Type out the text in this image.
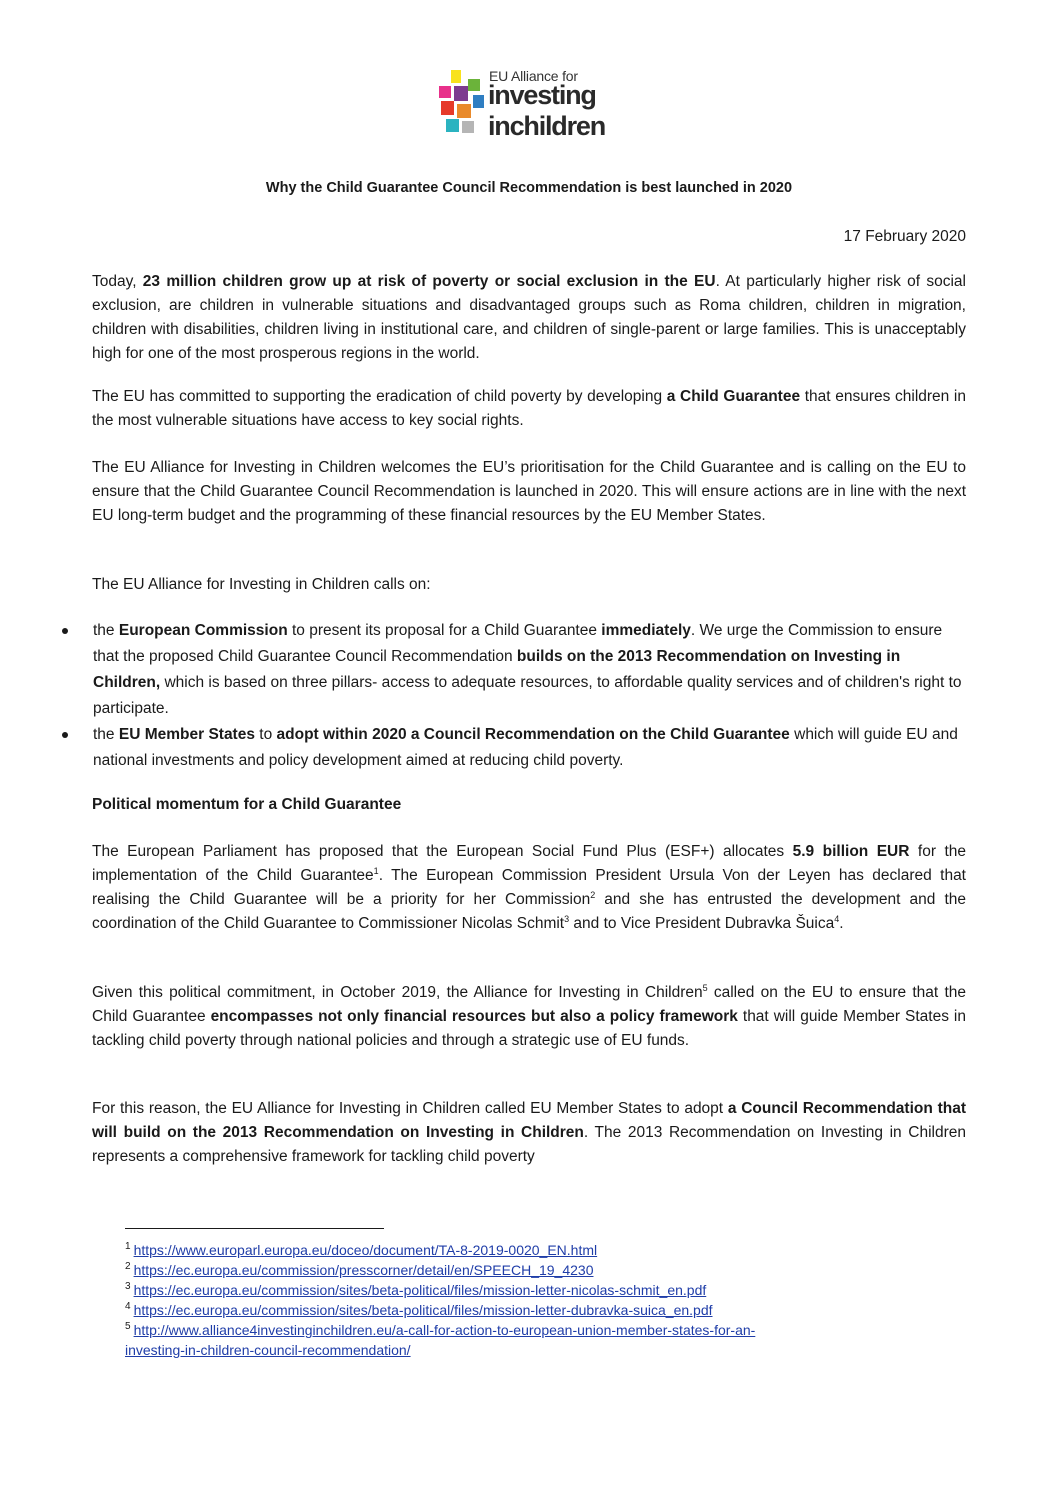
EU Alliance for
investing
inchildren
Why the Child Guarantee Council Recommendation is best launched in 2020
17 February 2020

Today, 23 million children grow up at risk of poverty or social exclusion in the EU. At particularly higher risk of social exclusion, are children in vulnerable situations and disadvantaged groups such as Roma children, children in migration, children with disabilities, children living in institutional care, and children of single-parent or large families. This is unacceptably high for one of the most prosperous regions in the world.

The EU has committed to supporting the eradication of child poverty by developing a Child Guarantee that ensures children in the most vulnerable situations have access to key social rights.

The EU Alliance for Investing in Children welcomes the EU’s prioritisation for the Child Guarantee and is calling on the EU to ensure that the Child Guarantee Council Recommendation is launched in 2020. This will ensure actions are in line with the next EU long-term budget and the programming of these financial resources by the EU Member States.

The EU Alliance for Investing in Children calls on:

the European Commission to present its proposal for a Child Guarantee immediately. We urge the Commission to ensure that the proposed Child Guarantee Council Recommendation builds on the 2013 Recommendation on Investing in Children, which is based on three pillars- access to adequate resources, to affordable quality services and of children's right to participate.
the EU Member States to adopt within 2020 a Council Recommendation on the Child Guarantee which will guide EU and national investments and policy development aimed at reducing child poverty.
Political momentum for a Child Guarantee

The European Parliament has proposed that the European Social Fund Plus (ESF+) allocates 5.9 billion EUR for the implementation of the Child Guarantee$^1$. The European Commission President Ursula Von der Leyen has declared that realising the Child Guarantee will be a priority for her Commission$^2$ and she has entrusted the development and the coordination of the Child Guarantee to Commissioner Nicolas Schmit$^3$ and to Vice President Dubravka Šuica$^4$.

Given this political commitment, in October 2019, the Alliance for Investing in Children$^5$ called on the EU to ensure that the Child Guarantee encompasses not only financial resources but also a policy framework that will guide Member States in tackling child poverty through national policies and through a strategic use of EU funds.

For this reason, the EU Alliance for Investing in Children called EU Member States to adopt a Council Recommendation that will build on the 2013 Recommendation on Investing in Children. The 2013 Recommendation on Investing in Children represents a comprehensive framework for tackling child poverty

$^1$ https://www.europarl.europa.eu/doceo/document/TA-8-2019-0020_EN.html
$^2$ https://ec.europa.eu/commission/presscorner/detail/en/SPEECH_19_4230
$^3$ https://ec.europa.eu/commission/sites/beta-political/files/mission-letter-nicolas-schmit_en.pdf
$^4$ https://ec.europa.eu/commission/sites/beta-political/files/mission-letter-dubravka-suica_en.pdf
$^5$ http://www.alliance4investinginchildren.eu/a-call-for-action-to-european-union-member-states-for-an-
investing-in-children-council-recommendation/
